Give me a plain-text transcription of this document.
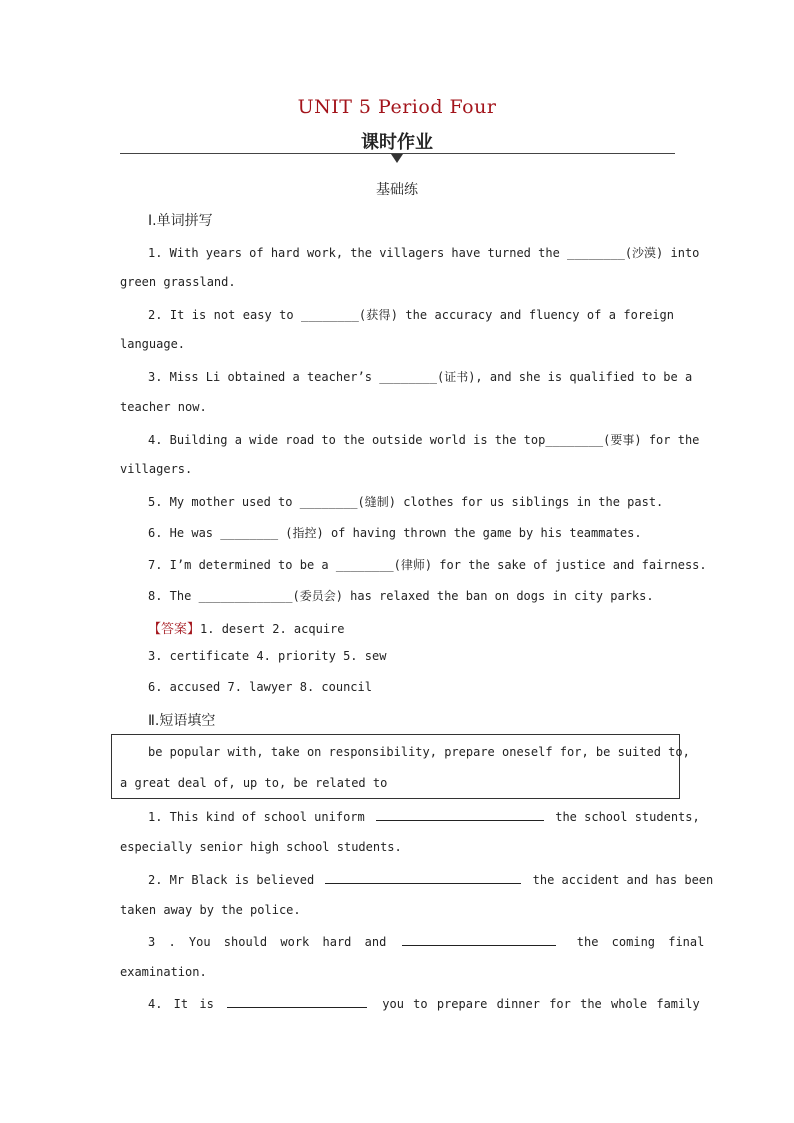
UNIT 5 Period Four
课时作业
基础练
Ⅰ.单词拼写
1. With years of hard work, the villagers have turned the ________(沙漠) into
green grassland.
2. It is not easy to ________(获得) the accuracy and fluency of a foreign
language.
3. Miss Li obtained a teacher’s ________(证书), and she is qualified to be a
teacher now.
4. Building a wide road to the outside world is the top________(要事) for the
villagers.
5. My mother used to ________(缝制) clothes for us siblings in the past.
6. He was ________ (指控) of having thrown the game by his teammates.
7. I’m determined to be a ________(律师) for the sake of justice and fairness.
8. The _____________(委员会) has relaxed the ban on dogs in city parks.
【答案】1. desert 2. acquire
3. certificate 4. priority 5. sew
6. accused 7. lawyer 8. council
Ⅱ.短语填空
be popular with, take on responsibility, prepare oneself for, be suited to,
a great deal of, up to, be related to
1. This kind of school uniform	the school students,
especially senior high school students.
2. Mr Black is believed	the accident and has been
taken away by the police.
3 . You should work hard and	the coming final
examination.
4. It is	you to prepare dinner for the whole family
